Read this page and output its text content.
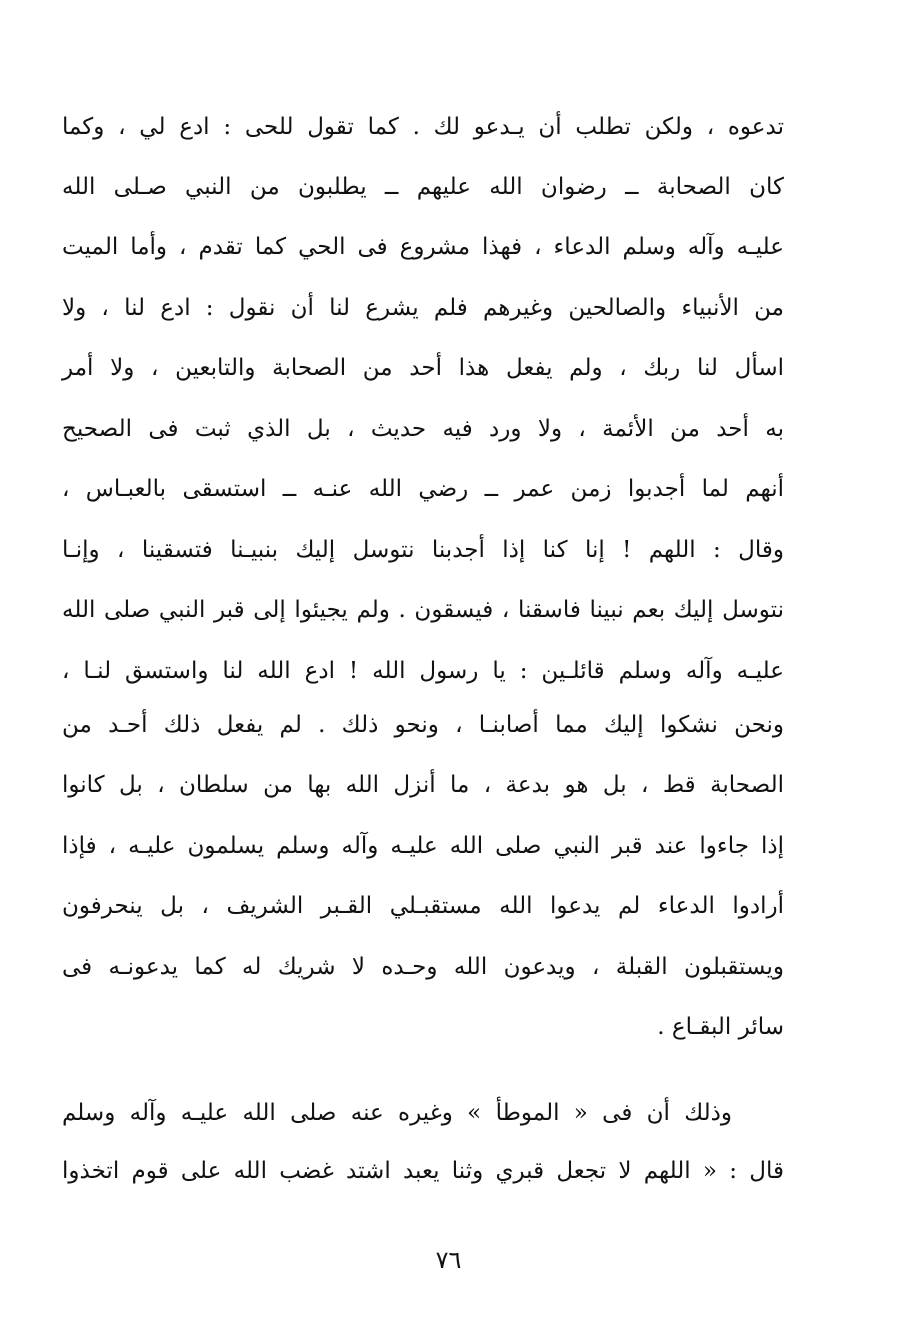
تدعوه ، ولكن تطلب أن يـدعو لك . كما تقول للحى : ادع لي ، وكما
كان الصحابة ــ رضوان الله عليهم ــ يطلبون من النبي صـلى الله
عليـه وآله وسلم الدعاء ، فهذا مشروع فى الحي كما تقدم ، وأما الميت
من الأنبياء والصالحين وغيرهم فلم يشرع لنا أن نقول : ادع لنا ، ولا
اسأل لنا ربك ، ولم يفعل هذا أحد من الصحابة والتابعين ، ولا أمر
به أحد من الأئمة ، ولا ورد فيه حديث ، بل الذي ثبت فى الصحيح
أنهم لما أجدبوا زمن عمر ــ رضي الله عنـه ــ استسقى بالعبـاس ،
وقال : اللهم ! إنا كنا إذا أجدبنا نتوسل إليك بنبيـنا فتسقينا ، وإنـا
نتوسل إليك بعم نبينا فاسقنا ، فيسقون . ولم يجيئوا إلى قبر النبي صلى الله
عليـه وآله وسلم قائلـين : يا رسول الله ! ادع الله لنا واستسق لنـا ،
ونحن نشكوا إليك مما أصابنـا ، ونحو ذلك . لم يفعل ذلك أحـد من
الصحابة قط ، بل هو بدعة ، ما أنزل الله بها من سلطان ، بل كانوا
إذا جاءوا عند قبر النبي صلى الله عليـه وآله وسلم يسلمون عليـه ، فإذا
أرادوا الدعاء لم يدعوا الله مستقبـلي القـبر الشريف ، بل ينحرفون
ويستقبلون القبلة ، ويدعون الله وحـده لا شريك له كما يدعونـه فى
سائر البقـاع .
وذلك أن فى « الموطأ » وغيره عنه صلى الله عليـه وآله وسلم
قال : « اللهم لا تجعل قبري وثنا يعبد اشتد غضب الله على قوم اتخذوا
٧٦
